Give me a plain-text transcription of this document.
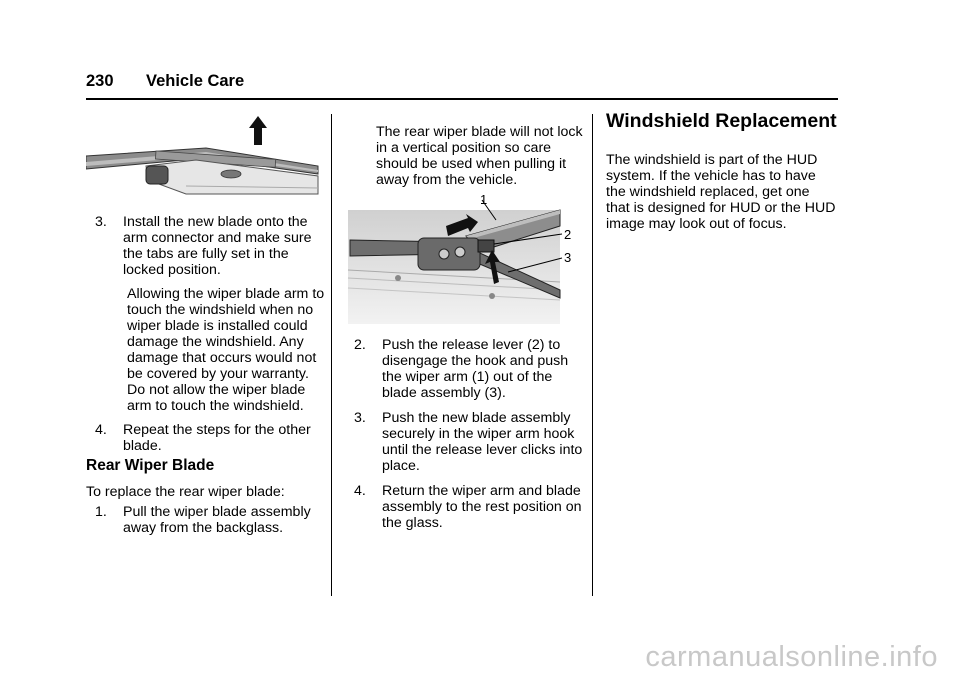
230 Vehicle Care
3.	Install the new blade onto the arm connector and make sure the tabs are fully set in the locked position.

Allowing the wiper blade arm to touch the windshield when no wiper blade is installed could damage the windshield. Any damage that occurs would not be covered by your warranty. Do not allow the wiper blade arm to touch the windshield.

4.	Repeat the steps for the other blade.
Rear Wiper Blade

To replace the rear wiper blade:

1.	Pull the wiper blade assembly away from the backglass.

The rear wiper blade will not lock in a vertical position so care should be used when pulling it away from the vehicle.

1
2
3
2.	Push the release lever (2) to disengage the hook and push the wiper arm (1) out of the blade assembly (3).
3.	Push the new blade assembly securely in the wiper arm hook until the release lever clicks into place.
4.	Return the wiper arm and blade assembly to the rest position on the glass.
Windshield Replacement

The windshield is part of the HUD system. If the vehicle has to have the windshield replaced, get one that is designed for HUD or the HUD image may look out of focus.

carmanualsonline.info
